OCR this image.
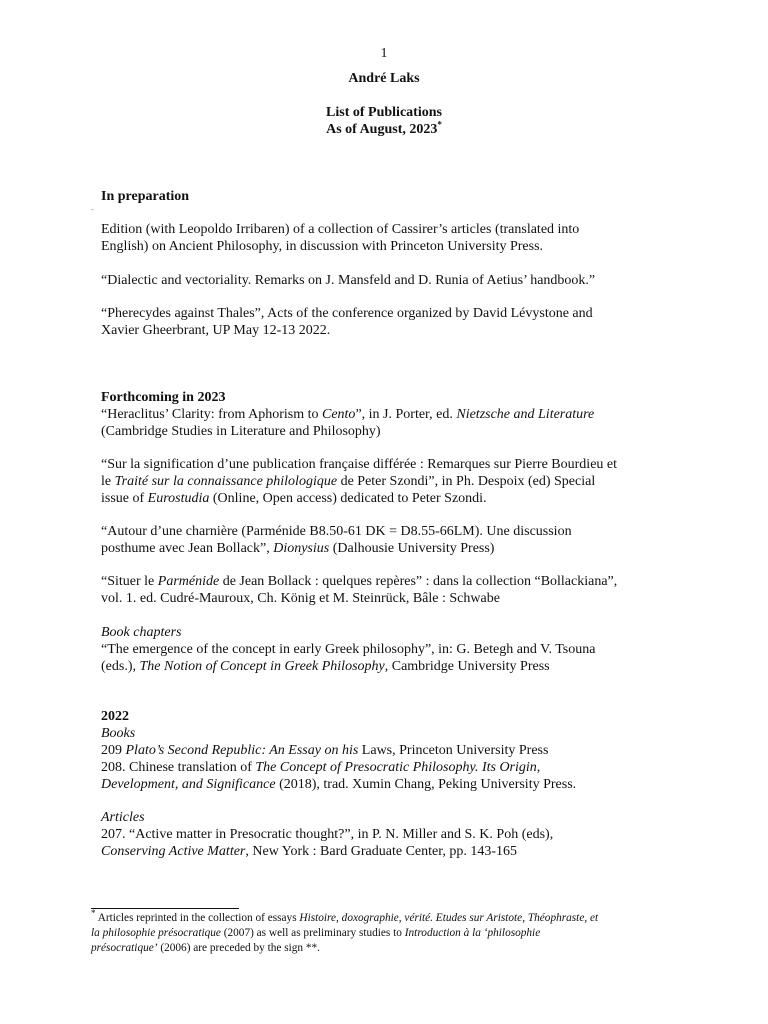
1
André Laks
List of Publications
As of August, 2023*
In preparation
-
Edition (with Leopoldo Irribaren) of a collection of Cassirer’s articles (translated into
English) on Ancient Philosophy, in discussion with Princeton University Press.
“Dialectic and vectoriality. Remarks on J. Mansfeld and D. Runia of Aetius’ handbook.”
“Pherecydes against Thales”, Acts of the conference organized by David Lévystone and
Xavier Gheerbrant, UP May 12-13 2022.
Forthcoming in 2023
“Heraclitus’ Clarity: from Aphorism to Cento”, in J. Porter, ed. Nietzsche and Literature
(Cambridge Studies in Literature and Philosophy)
“Sur la signification d’une publication française différée : Remarques sur Pierre Bourdieu et
le Traité sur la connaissance philologique de Peter Szondi”, in Ph. Despoix (ed) Special
issue of Eurostudia (Online, Open access) dedicated to Peter Szondi.
“Autour d’une charnière (Parménide B8.50-61 DK = D8.55-66LM). Une discussion
posthume avec Jean Bollack”, Dionysius (Dalhousie University Press)
“Situer le Parménide de Jean Bollack : quelques repères” : dans la collection “Bollackiana”,
vol. 1. ed. Cudré-Mauroux, Ch. König et M. Steinrück, Bâle : Schwabe
Book chapters
“The emergence of the concept in early Greek philosophy”, in: G. Betegh and V. Tsouna
(eds.), The Notion of Concept in Greek Philosophy, Cambridge University Press
2022
Books
209 Plato’s Second Republic: An Essay on his Laws, Princeton University Press
208. Chinese translation of The Concept of Presocratic Philosophy. Its Origin,
Development, and Significance (2018), trad. Xumin Chang, Peking University Press.
Articles
207. “Active matter in Presocratic thought?”, in P. N. Miller and S. K. Poh (eds),
Conserving Active Matter, New York : Bard Graduate Center, pp. 143-165
* Articles reprinted in the collection of essays Histoire, doxographie, vérité. Etudes sur Aristote, Théophraste, et
la philosophie présocratique (2007) as well as preliminary studies to Introduction à la ‘philosophie
présocratique’ (2006) are preceded by the sign **.
